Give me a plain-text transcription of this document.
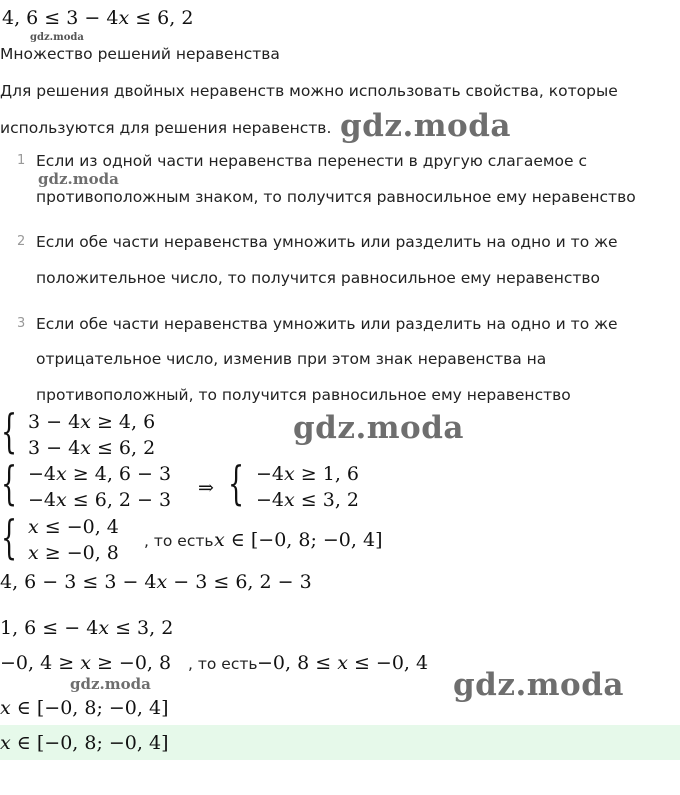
4, 6 ≤ 3 − 4x ≤ 6, 2
gdz.moda
Множество решений неравенства
Для решения двойных неравенств можно использовать свойства, которые
используются для решения неравенств. gdz.moda
1 Если из одной части неравенства перенести в другую слагаемое с
gdz.moda
противоположным знаком, то получится равносильное ему неравенство
2 Если обе части неравенства умножить или разделить на одно и то же
положительное число, то получится равносильное ему неравенство
3 Если обе части неравенства умножить или разделить на одно и то же
отрицательное число, изменив при этом знак неравенства на
противоположный, то получится равносильное ему неравенство
{ 3 − 4x ≥ 4, 6
3 − 4x ≤ 6, 2
gdz.moda
{ −4x ≥ 4, 6 − 3
−4x ≤ 6, 2 − 3
⇒ { −4x ≥ 1, 6
−4x ≤ 3, 2
{ x ≤ −0, 4
x ≥ −0, 8
, то есть x ∈ [−0, 8; −0, 4]
4, 6 − 3 ≤ 3 − 4x − 3 ≤ 6, 2 − 3
1, 6 ≤ − 4x ≤ 3, 2
−0, 4 ≥ x ≥ −0, 8 , то есть −0, 8 ≤ x ≤ −0, 4
gdz.moda
gdz.moda
x ∈ [−0, 8; −0, 4]
x ∈ [−0, 8; −0, 4]
